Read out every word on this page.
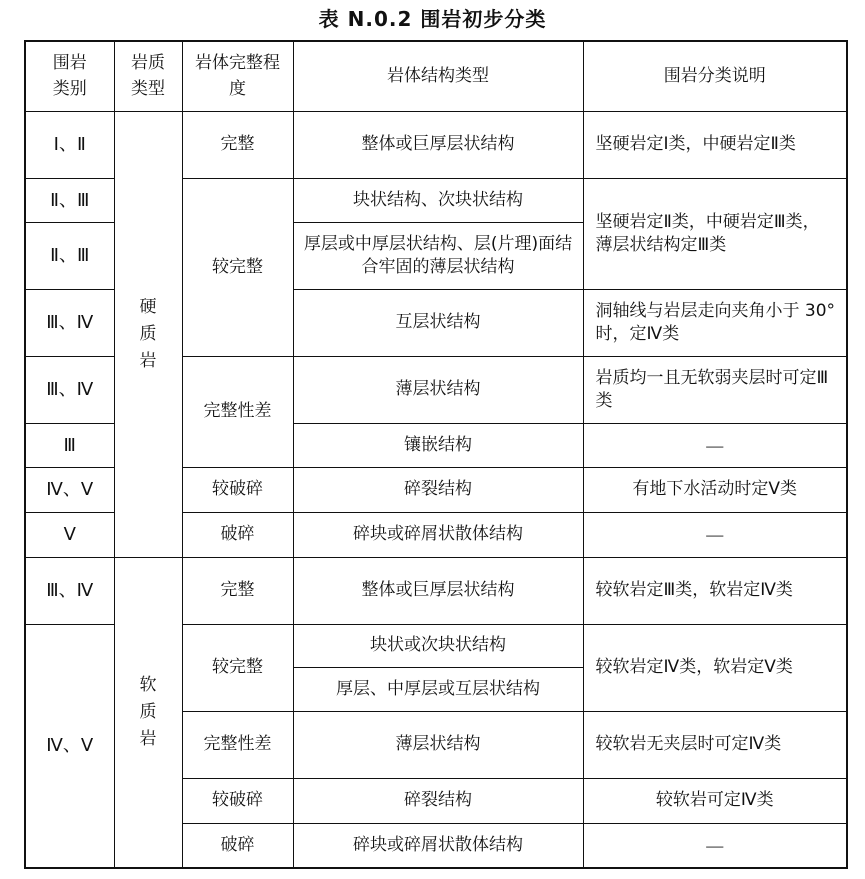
表 N.0.2 围岩初步分类
围岩类别	岩质类型	岩体完整程度	岩体结构类型	围岩分类说明
Ⅰ、Ⅱ	硬质岩	完整	整体或巨厚层状结构	坚硬岩定Ⅰ类，中硬岩定Ⅱ类
Ⅱ、Ⅲ		较完整	块状结构、次块状结构	坚硬岩定Ⅱ类，中硬岩定Ⅲ类，薄层状结构定Ⅲ类
Ⅱ、Ⅲ			厚层或中厚层状结构、层(片理)面结合牢固的薄层状结构	
Ⅲ、Ⅳ			互层状结构	洞轴线与岩层走向夹角小于 30°时，定Ⅳ类
Ⅲ、Ⅳ		完整性差	薄层状结构	岩质均一且无软弱夹层时可定Ⅲ类
Ⅲ			镶嵌结构	—
Ⅳ、Ⅴ		较破碎	碎裂结构	有地下水活动时定Ⅴ类
Ⅴ		破碎	碎块或碎屑状散体结构	—
Ⅲ、Ⅳ	软质岩	完整	整体或巨厚层状结构	较软岩定Ⅲ类，软岩定Ⅳ类
Ⅳ、Ⅴ		较完整	块状或次块状结构	较软岩定Ⅳ类，软岩定Ⅴ类
			厚层、中厚层或互层状结构	
		完整性差	薄层状结构	较软岩无夹层时可定Ⅳ类
		较破碎	碎裂结构	较软岩可定Ⅳ类
		破碎	碎块或碎屑状散体结构	—
